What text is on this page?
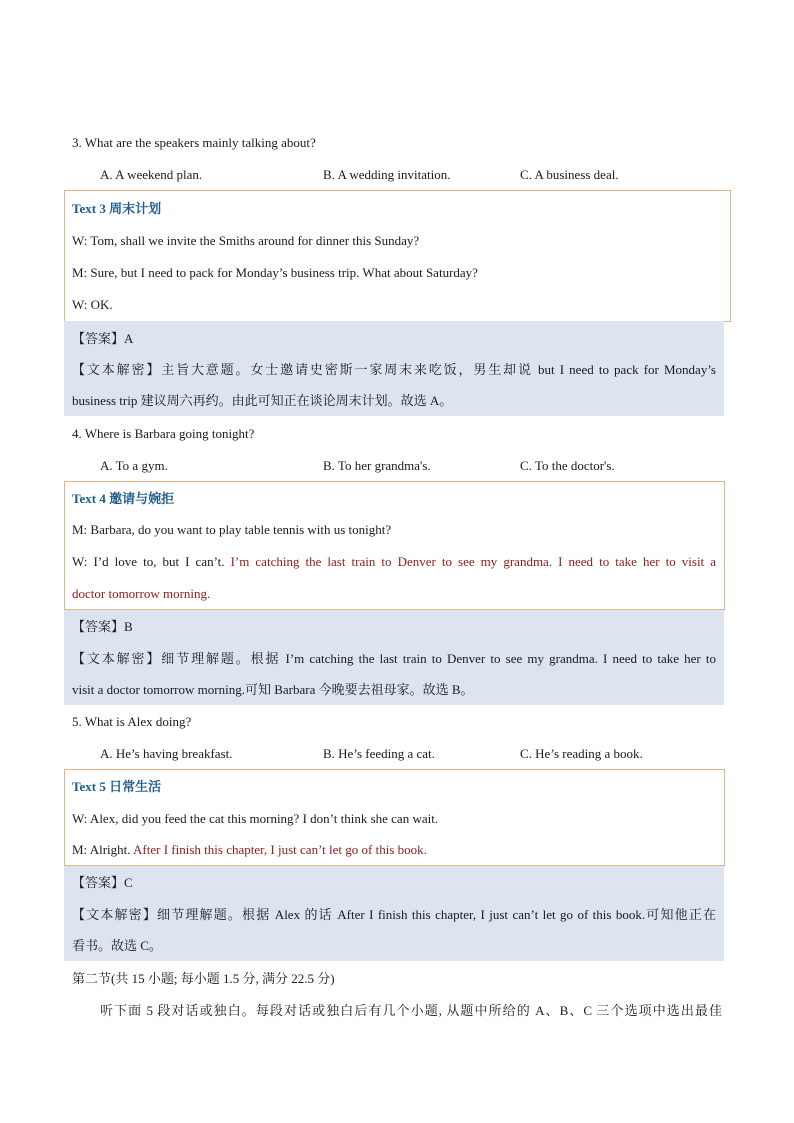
3. What are the speakers mainly talking about?
A. A weekend plan.	B. A wedding invitation.	C. A business deal.
Text 3 周末计划
W: Tom, shall we invite the Smiths around for dinner this Sunday?
M: Sure, but I need to pack for Monday’s business trip. What about Saturday?
W: OK.
【答案】A
【文本解密】主旨大意题。女士邀请史密斯一家周末来吃饭，男生却说 but I need to pack for Monday’s
business trip 建议周六再约。由此可知正在谈论周末计划。故选 A。
4. Where is Barbara going tonight?
A. To a gym.	B. To her grandma's.	C. To the doctor's.
Text 4 邀请与婉拒
M: Barbara, do you want to play table tennis with us tonight?
W: I’d love to, but I can’t. I’m catching the last train to Denver to see my grandma. I need to take her to visit a
doctor tomorrow morning.
【答案】B
【文本解密】细节理解题。根据 I’m catching the last train to Denver to see my grandma. I need to take her to
visit a doctor tomorrow morning.可知 Barbara 今晚要去祖母家。故选 B。
5. What is Alex doing?
A. He’s having breakfast.	B. He’s feeding a cat.	C. He’s reading a book.
Text 5 日常生活
W: Alex, did you feed the cat this morning? I don’t think she can wait.
M: Alright. After I finish this chapter, I just can’t let go of this book.
【答案】C
【文本解密】细节理解题。根据 Alex 的话 After I finish this chapter, I just can’t let go of this book.可知他正在
看书。故选 C。
第二节(共 15 小题; 每小题 1.5 分, 满分 22.5 分)
听下面 5 段对话或独白。每段对话或独白后有几个小题, 从题中所给的 A、B、C 三个选项中选出最佳
